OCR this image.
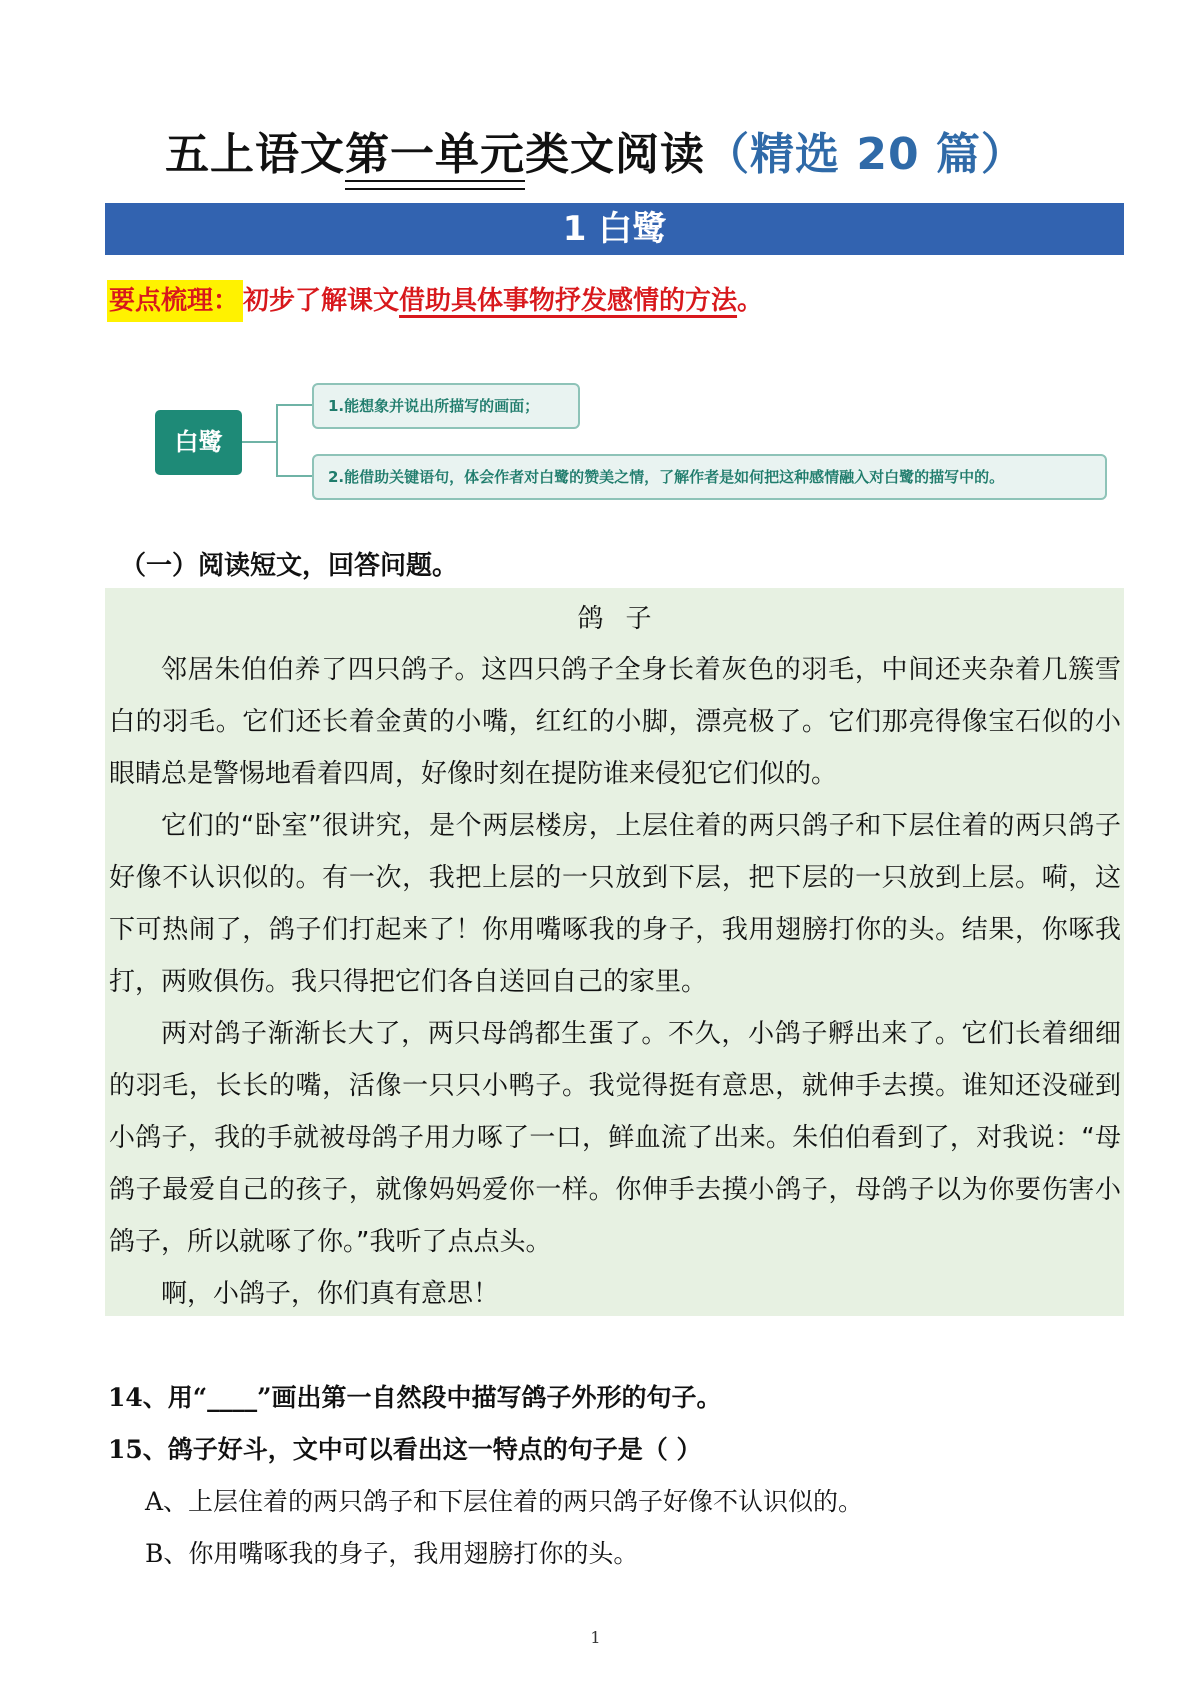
五上语文第一单元类文阅读（精选 20 篇）
1 白鹭
要点梳理： 初步了解课文借助具体事物抒发感情的方法。
白鹭
1.能想象并说出所描写的画面；
2.能借助关键语句，体会作者对白鹭的赞美之情，了解作者是如何把这种感情融入对白鹭的描写中的。
（一）阅读短文，回答问题。
鸽子

邻居朱伯伯养了四只鸽子。这四只鸽子全身长着灰色的羽毛，中间还夹杂着几簇雪白的羽毛。它们还长着金黄的小嘴，红红的小脚，漂亮极了。它们那亮得像宝石似的小眼睛总是警惕地看着四周，好像时刻在提防谁来侵犯它们似的。

它们的“卧室”很讲究，是个两层楼房，上层住着的两只鸽子和下层住着的两只鸽子好像不认识似的。有一次，我把上层的一只放到下层，把下层的一只放到上层。嗬，这下可热闹了，鸽子们打起来了！你用嘴啄我的身子，我用翅膀打你的头。结果，你啄我打，两败俱伤。我只得把它们各自送回自己的家里。

两对鸽子渐渐长大了，两只母鸽都生蛋了。不久，小鸽子孵出来了。它们长着细细的羽毛，长长的嘴，活像一只只小鸭子。我觉得挺有意思，就伸手去摸。谁知还没碰到小鸽子，我的手就被母鸽子用力啄了一口，鲜血流了出来。朱伯伯看到了，对我说：“母鸽子最爱自己的孩子，就像妈妈爱你一样。你伸手去摸小鸽子，母鸽子以为你要伤害小鸽子，所以就啄了你。”我听了点点头。

啊，小鸽子，你们真有意思！

14、用“____”画出第一自然段中描写鸽子外形的句子。
15、鸽子好斗，文中可以看出这一特点的句子是（ ）
A、上层住着的两只鸽子和下层住着的两只鸽子好像不认识似的。
B、你用嘴啄我的身子，我用翅膀打你的头。
1
